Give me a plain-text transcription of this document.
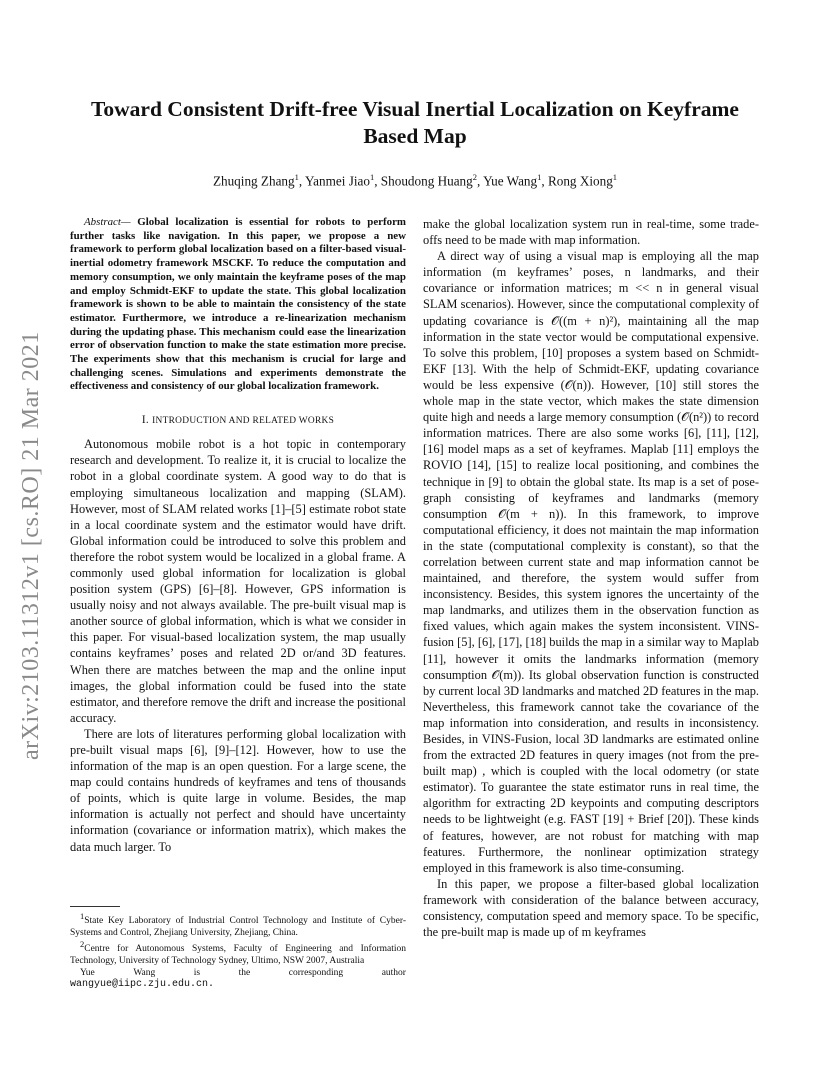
arXiv:2103.11312v1 [cs.RO] 21 Mar 2021
Toward Consistent Drift-free Visual Inertial Localization on Keyframe Based Map
Zhuqing Zhang$^1$, Yanmei Jiao$^1$, Shoudong Huang$^2$, Yue Wang$^1$, Rong Xiong$^1$

Abstract— Global localization is essential for robots to perform further tasks like navigation. In this paper, we propose a new framework to perform global localization based on a filter-based visual-inertial odometry framework MSCKF. To reduce the computation and memory consumption, we only maintain the keyframe poses of the map and employ Schmidt-EKF to update the state. This global localization framework is shown to be able to maintain the consistency of the state estimator. Furthermore, we introduce a re-linearization mechanism during the updating phase. This mechanism could ease the linearization error of observation function to make the state estimation more precise. The experiments show that this mechanism is crucial for large and challenging scenes. Simulations and experiments demonstrate the effectiveness and consistency of our global localization framework.

I. INTRODUCTION AND RELATED WORKS

Autonomous mobile robot is a hot topic in contemporary research and development. To realize it, it is crucial to localize the robot in a global coordinate system. A good way to do that is employing simultaneous localization and mapping (SLAM). However, most of SLAM related works [1]–[5] estimate robot state in a local coordinate system and the estimator would have drift. Global information could be introduced to solve this problem and therefore the robot system would be localized in a global frame. A commonly used global information for localization is global position system (GPS) [6]–[8]. However, GPS information is usually noisy and not always available. The pre-built visual map is another source of global information, which is what we consider in this paper. For visual-based localization system, the map usually contains keyframes’ poses and related 2D or/and 3D features. When there are matches between the map and the online input images, the global information could be fused into the state estimator, and therefore remove the drift and increase the positional accuracy.

There are lots of literatures performing global localization with pre-built visual maps [6], [9]–[12]. However, how to use the information of the map is an open question. For a large scene, the map could contains hundreds of keyframes and tens of thousands of points, which is quite large in volume. Besides, the map information is actually not perfect and should have uncertainty information (covariance or information matrix), which makes the data much larger. To

$^1$State Key Laboratory of Industrial Control Technology and Institute of Cyber-Systems and Control, Zhejiang University, Zhejiang, China.

$^2$Centre for Autonomous Systems, Faculty of Engineering and Information Technology, University of Technology Sydney, Ultimo, NSW 2007, Australia

Yue	Wang	is	the	corresponding	author
wangyue@iipc.zju.edu.cn.

make the global localization system run in real-time, some trade-offs need to be made with map information.

A direct way of using a visual map is employing all the map information (m keyframes’ poses, n landmarks, and their covariance or information matrices; m << n in general visual SLAM scenarios). However, since the computational complexity of updating covariance is 𝒪((m + n)²), maintaining all the map information in the state vector would be computational expensive. To solve this problem, [10] proposes a system based on Schmidt-EKF [13]. With the help of Schmidt-EKF, updating covariance would be less expensive (𝒪(n)). However, [10] still stores the whole map in the state vector, which makes the state dimension quite high and needs a large memory consumption (𝒪(n²)) to record information matrices. There are also some works [6], [11], [12], [16] model maps as a set of keyframes. Maplab [11] employs the ROVIO [14], [15] to realize local positioning, and combines the technique in [9] to obtain the global state. Its map is a set of pose-graph consisting of keyframes and landmarks (memory consumption 𝒪(m + n)). In this framework, to improve computational efficiency, it does not maintain the map information in the state (computational complexity is constant), so that the correlation between current state and map information cannot be maintained, and therefore, the system would suffer from inconsistency. Besides, this system ignores the uncertainty of the map landmarks, and utilizes them in the observation function as fixed values, which again makes the system inconsistent. VINS-fusion [5], [6], [17], [18] builds the map in a similar way to Maplab [11], however it omits the landmarks information (memory consumption 𝒪(m)). Its global observation function is constructed by current local 3D landmarks and matched 2D features in the map. Nevertheless, this framework cannot take the covariance of the map information into consideration, and results in inconsistency. Besides, in VINS-Fusion, local 3D landmarks are estimated online from the extracted 2D features in query images (not from the pre-built map) , which is coupled with the local odometry (or state estimator). To guarantee the state estimator runs in real time, the algorithm for extracting 2D keypoints and computing descriptors needs to be lightweight (e.g. FAST [19] + Brief [20]). These kinds of features, however, are not robust for matching with map features. Furthermore, the nonlinear optimization strategy employed in this framework is also time-consuming.

In this paper, we propose a filter-based global localization framework with consideration of the balance between accuracy, consistency, computation speed and memory space. To be specific, the pre-built map is made up of m keyframes
